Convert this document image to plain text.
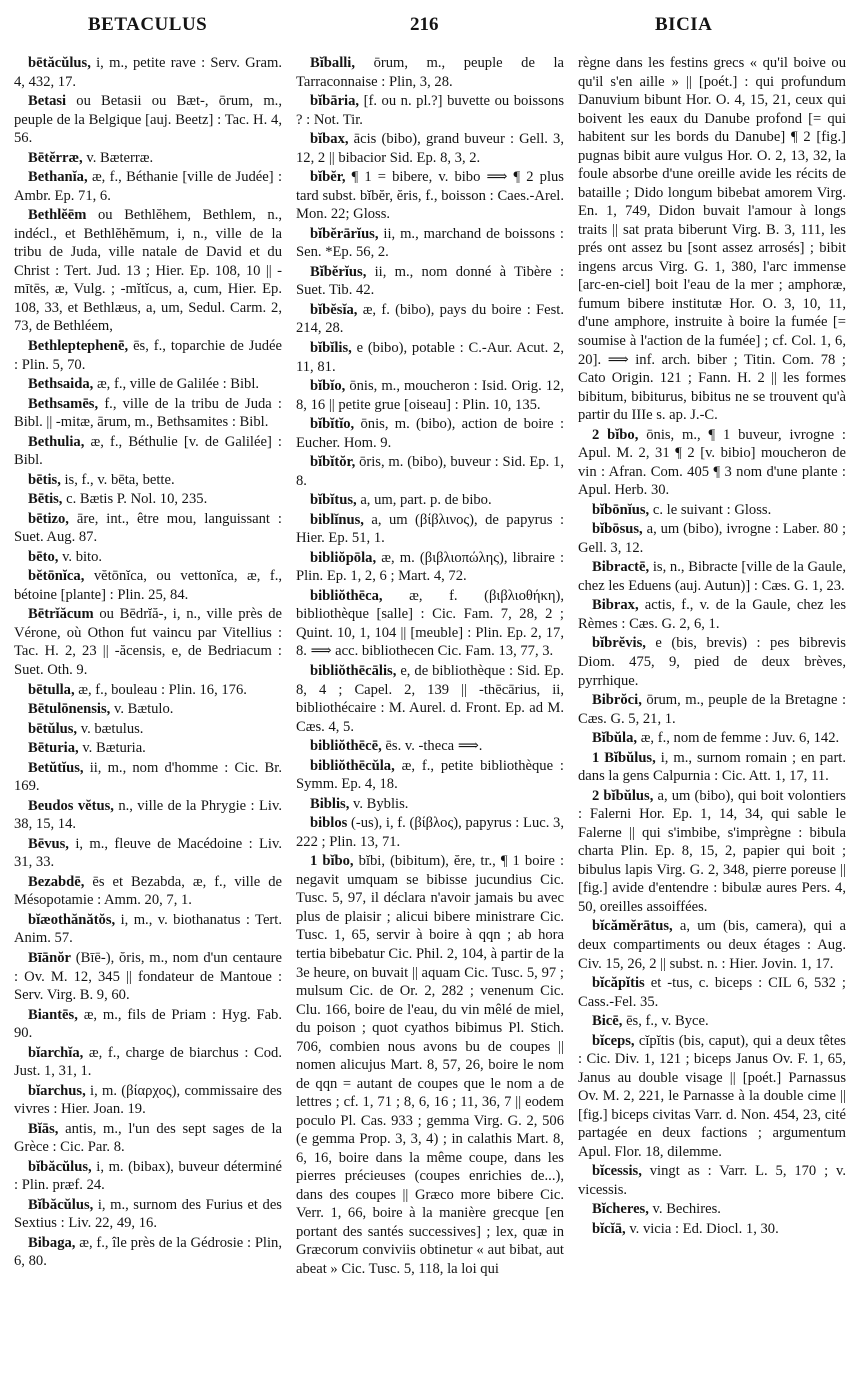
BETACULUS	216	BICIA

bētăcŭlus, i, m., petite rave : Serv. Gram. 4, 432, 17.

Betasi ou Betasii ou Bæt-, ōrum, m., peuple de la Belgique [auj. Beetz] : Tac. H. 4, 56.

Bētĕrræ, v. Bæterræ.

Bethanĭa, æ, f., Béthanie [ville de Judée] : Ambr. Ep. 71, 6.

Bethlĕēm ou Bethlĕhem, Bethlem, n., indécl., et Bethlĕhĕmum, i, n., ville de la tribu de Juda, ville natale de David et du Christ : Tert. Jud. 13 ; Hier. Ep. 108, 10 || -mītēs, æ, Vulg. ; -mĭtĭcus, a, cum, Hier. Ep. 108, 33, et Bethlæus, a, um, Sedul. Carm. 2, 73, de Bethléem,

Bethleptephenē, ēs, f., toparchie de Judée : Plin. 5, 70.

Bethsaida, æ, f., ville de Galilée : Bibl.

Bethsamēs, f., ville de la tribu de Juda : Bibl. || -mitæ, ārum, m., Bethsamites : Bibl.

Bethulia, æ, f., Béthulie [v. de Galilée] : Bibl.

bētis, is, f., v. bēta, bette.

Bētis, c. Bætis P. Nol. 10, 235.

bētizo, āre, int., être mou, languissant : Suet. Aug. 87.

bēto, v. bito.

bĕtōnĭca, vĕtōnĭca, ou vettonĭca, æ, f., bétoine [plante] : Plin. 25, 84.

Bētrĭăcum ou Bēdrĭă-, i, n., ville près de Vérone, où Othon fut vaincu par Vitellius : Tac. H. 2, 23 || -ăcensis, e, de Bedriacum : Suet. Oth. 9.

bētulla, æ, f., bouleau : Plin. 16, 176.

Bētulōnensis, v. Bætulo.

bētŭlus, v. bætulus.

Bēturia, v. Bæturia.

Betŭtĭus, ii, m., nom d'homme : Cic. Br. 169.

Beudos vĕtus, n., ville de la Phrygie : Liv. 38, 15, 14.

Bēvus, i, m., fleuve de Macédoine : Liv. 31, 33.

Bezabdē, ēs et Bezabda, æ, f., ville de Mésopotamie : Amm. 20, 7, 1.

bĭæothănătŏs, i, m., v. biothanatus : Tert. Anim. 57.

Bīānŏr (Bīē-), ŏris, m., nom d'un centaure : Ov. M. 12, 345 || fondateur de Mantoue : Serv. Virg. B. 9, 60.

Biantēs, æ, m., fils de Priam : Hyg. Fab. 90.

bĭarchĭa, æ, f., charge de biarchus : Cod. Just. 1, 31, 1.

bĭarchus, i, m. (βίαρχος), commissaire des vivres : Hier. Joan. 19.

Bĭās, antis, m., l'un des sept sages de la Grèce : Cic. Par. 8.

bĭbăcŭlus, i, m. (bibax), buveur déterminé : Plin. præf. 24.

Bĭbăcŭlus, i, m., surnom des Furius et des Sextius : Liv. 22, 49, 16.

Bibaga, æ, f., île près de la Gédrosie : Plin, 6, 80.

Bĭballi, ōrum, m., peuple de la Tarraconnaise : Plin, 3, 28.

bĭbāria, [f. ou n. pl.?] buvette ou boissons ? : Not. Tir.

bĭbax, ācis (bibo), grand buveur : Gell. 3, 12, 2 || bibacior Sid. Ep. 8, 3, 2.

bĭbĕr, ¶ 1 = bibere, v. bibo ⟹ ¶ 2 plus tard subst. bĭbĕr, ĕris, f., boisson : Caes.-Arel. Mon. 22; Gloss.

bĭbĕrārĭus, ii, m., marchand de boissons : Sen. *Ep. 56, 2.

Bĭbĕrĭus, ii, m., nom donné à Tibère : Suet. Tib. 42.

bĭbĕsĭa, æ, f. (bibo), pays du boire : Fest. 214, 28.

bĭbĭlis, e (bibo), potable : C.-Aur. Acut. 2, 11, 81.

bĭbĭo, ōnis, m., moucheron : Isid. Orig. 12, 8, 16 || petite grue [oiseau] : Plin. 10, 135.

bĭbĭtĭo, ōnis, m. (bibo), action de boire : Eucher. Hom. 9.

bĭbĭtŏr, ōris, m. (bibo), buveur : Sid. Ep. 1, 8.

bĭbĭtus, a, um, part. p. de bibo.

biblĭnus, a, um (βίβλινος), de papyrus : Hier. Ep. 51, 1.

bibliŏpōla, æ, m. (βιβλιοπώλης), libraire : Plin. Ep. 1, 2, 6 ; Mart. 4, 72.

bibliŏthēca, æ, f. (βιβλιοθήκη), bibliothèque [salle] : Cic. Fam. 7, 28, 2 ; Quint. 10, 1, 104 || [meuble] : Plin. Ep. 2, 17, 8. ⟹ acc. bibliothecen Cic. Fam. 13, 77, 3.

bibliŏthēcālis, e, de bibliothèque : Sid. Ep. 8, 4 ; Capel. 2, 139 || -thēcārius, ii, bibliothécaire : M. Aurel. d. Front. Ep. ad M. Cæs. 4, 5.

bibliŏthēcē, ēs. v. -theca ⟹.

bibliŏthēcŭla, æ, f., petite bibliothèque : Symm. Ep. 4, 18.

Biblis, v. Byblis.

biblos (-us), i, f. (βίβλος), papyrus : Luc. 3, 222 ; Plin. 13, 71.

1 bĭbo, bĭbi, (bibitum), ĕre, tr., ¶ 1 boire : negavit umquam se bibisse jucundius Cic. Tusc. 5, 97, il déclara n'avoir jamais bu avec plus de plaisir ; alicui bibere ministrare Cic. Tusc. 1, 65, servir à boire à qqn ; ab hora tertia bibebatur Cic. Phil. 2, 104, à partir de la 3e heure, on buvait || aquam Cic. Tusc. 5, 97 ; mulsum Cic. de Or. 2, 282 ; venenum Cic. Clu. 166, boire de l'eau, du vin mêlé de miel, du poison ; quot cyathos bibimus Pl. Stich. 706, combien nous avons bu de coupes || nomen alicujus Mart. 8, 57, 26, boire le nom de qqn = autant de coupes que le nom a de lettres ; cf. 1, 71 ; 8, 6, 16 ; 11, 36, 7 || eodem poculo Pl. Cas. 933 ; gemma Virg. G. 2, 506 (e gemma Prop. 3, 3, 4) ; in calathis Mart. 8, 6, 16, boire dans la même coupe, dans les pierres précieuses (coupes enrichies de...), dans des coupes || Græco more bibere Cic. Verr. 1, 66, boire à la manière grecque [en portant des santés successives] ; lex, quæ in Græcorum conviviis obtinetur « aut bibat, aut abeat » Cic. Tusc. 5, 118, la loi qui

règne dans les festins grecs « qu'il boive ou qu'il s'en aille » || [poét.] : qui profundum Danuvium bibunt Hor. O. 4, 15, 21, ceux qui boivent les eaux du Danube profond [= qui habitent sur les bords du Danube] ¶ 2 [fig.] pugnas bibit aure vulgus Hor. O. 2, 13, 32, la foule absorbe d'une oreille avide les récits de bataille ; Dido longum bibebat amorem Virg. En. 1, 749, Didon buvait l'amour à longs traits || sat prata biberunt Virg. B. 3, 111, les prés ont assez bu [sont assez arrosés] ; bibit ingens arcus Virg. G. 1, 380, l'arc immense [arc-en-ciel] boit l'eau de la mer ; amphoræ, fumum bibere institutæ Hor. O. 3, 10, 11, d'une amphore, instruite à boire la fumée [= soumise à l'action de la fumée] ; cf. Col. 1, 6, 20]. ⟹ inf. arch. biber ; Titin. Com. 78 ; Cato Origin. 121 ; Fann. H. 2 || les formes bibitum, bibiturus, bibitus ne se trouvent qu'à partir du IIIe s. ap. J.-C.

2 bĭbo, ōnis, m., ¶ 1 buveur, ivrogne : Apul. M. 2, 31 ¶ 2 [v. bibio] moucheron de vin : Afran. Com. 405 ¶ 3 nom d'une plante : Apul. Herb. 30.

bĭbōnĭus, c. le suivant : Gloss.

bĭbōsus, a, um (bibo), ivrogne : Laber. 80 ; Gell. 3, 12.

Bibractē, is, n., Bibracte [ville de la Gaule, chez les Eduens (auj. Autun)] : Cæs. G. 1, 23.

Bibrax, actis, f., v. de la Gaule, chez les Rèmes : Cæs. G. 2, 6, 1.

bĭbrĕvis, e (bis, brevis) : pes bibrevis Diom. 475, 9, pied de deux brèves, pyrrhique.

Bibrŏci, ōrum, m., peuple de la Bretagne : Cæs. G. 5, 21, 1.

Bĭbŭla, æ, f., nom de femme : Juv. 6, 142.

1 Bĭbŭlus, i, m., surnom romain ; en part. dans la gens Calpurnia : Cic. Att. 1, 17, 11.

2 bĭbŭlus, a, um (bibo), qui boit volontiers : Falerni Hor. Ep. 1, 14, 34, qui sable le Falerne || qui s'imbibe, s'imprègne : bibula charta Plin. Ep. 8, 15, 2, papier qui boit ; bibulus lapis Virg. G. 2, 348, pierre poreuse || [fig.] avide d'entendre : bibulæ aures Pers. 4, 50, oreilles assoiffées.

bĭcămĕrātus, a, um (bis, camera), qui a deux compartiments ou deux étages : Aug. Civ. 15, 26, 2 || subst. n. : Hier. Jovin. 1, 17.

bĭcăpĭtis et -tus, c. biceps : CIL 6, 532 ; Cass.-Fel. 35.

Bicē, ēs, f., v. Byce.

bĭceps, cĭpĭtis (bis, caput), qui a deux têtes : Cic. Div. 1, 121 ; biceps Janus Ov. F. 1, 65, Janus au double visage || [poét.] Parnassus Ov. M. 2, 221, le Parnasse à la double cime || [fig.] biceps civitas Varr. d. Non. 454, 23, cité partagée en deux factions ; argumentum Apul. Flor. 18, dilemme.

bĭcessis, vingt as : Varr. L. 5, 170 ; v. vicessis.

Bĭcheres, v. Bechires.

bĭcĭā, v. vicia : Ed. Diocl. 1, 30.
